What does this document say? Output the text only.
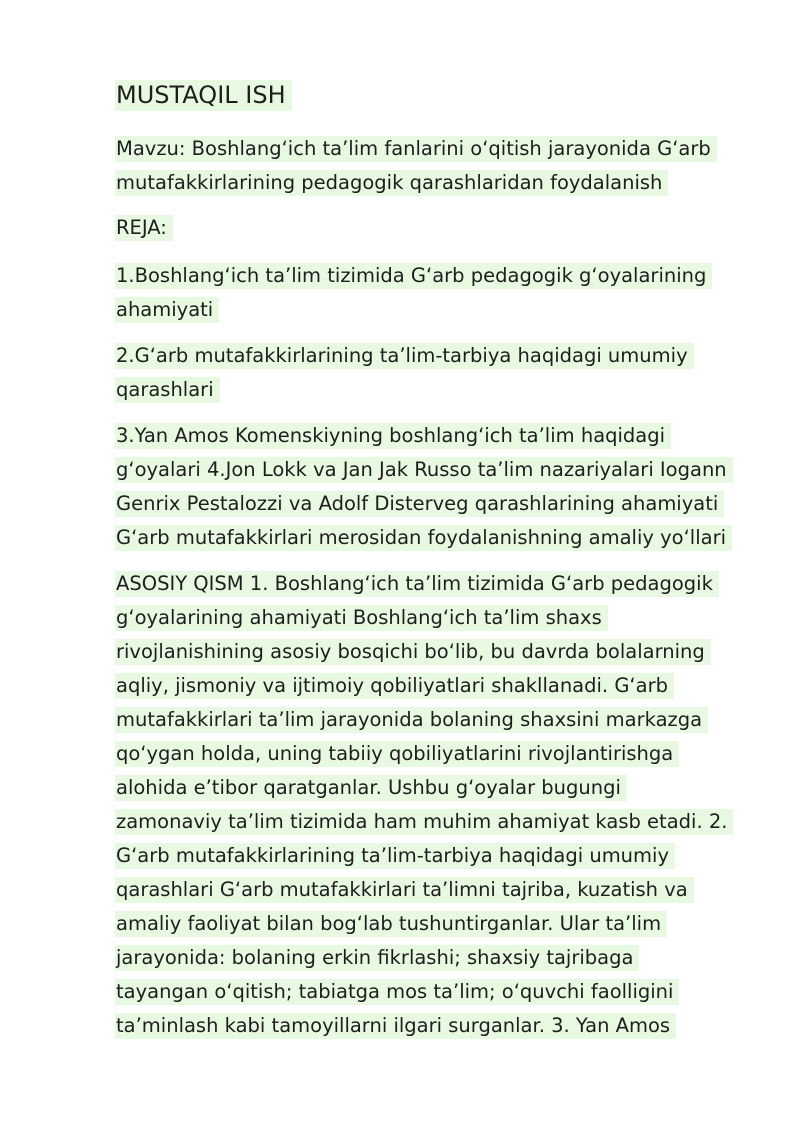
MUSTAQIL ISH
Mavzu: Boshlang‘ich ta’lim fanlarini o‘qitish jarayonida G‘arb
mutafakkirlarining pedagogik qarashlaridan foydalanish
REJA:
1.Boshlang‘ich ta’lim tizimida G‘arb pedagogik g‘oyalarining
ahamiyati
2.G‘arb mutafakkirlarining ta’lim-tarbiya haqidagi umumiy
qarashlari
3.Yan Amos Komenskiyning boshlang‘ich ta’lim haqidagi
g‘oyalari 4.Jon Lokk va Jan Jak Russo ta’lim nazariyalari Iogann
Genrix Pestalozzi va Adolf Disterveg qarashlarining ahamiyati
G‘arb mutafakkirlari merosidan foydalanishning amaliy yo‘llari
ASOSIY QISM 1. Boshlang‘ich ta’lim tizimida G‘arb pedagogik
g‘oyalarining ahamiyati Boshlang‘ich ta’lim shaxs
rivojlanishining asosiy bosqichi bo‘lib, bu davrda bolalarning
aqliy, jismoniy va ijtimoiy qobiliyatlari shakllanadi. G‘arb
mutafakkirlari ta’lim jarayonida bolaning shaxsini markazga
qo‘ygan holda, uning tabiiy qobiliyatlarini rivojlantirishga
alohida e’tibor qaratganlar. Ushbu g‘oyalar bugungi
zamonaviy ta’lim tizimida ham muhim ahamiyat kasb etadi. 2.
G‘arb mutafakkirlarining ta’lim-tarbiya haqidagi umumiy
qarashlari G‘arb mutafakkirlari ta’limni tajriba, kuzatish va
amaliy faoliyat bilan bog‘lab tushuntirganlar. Ular ta’lim
jarayonida: bolaning erkin fikrlashi; shaxsiy tajribaga
tayangan o‘qitish; tabiatga mos ta’lim; o‘quvchi faolligini
ta’minlash kabi tamoyillarni ilgari surganlar. 3. Yan Amos
